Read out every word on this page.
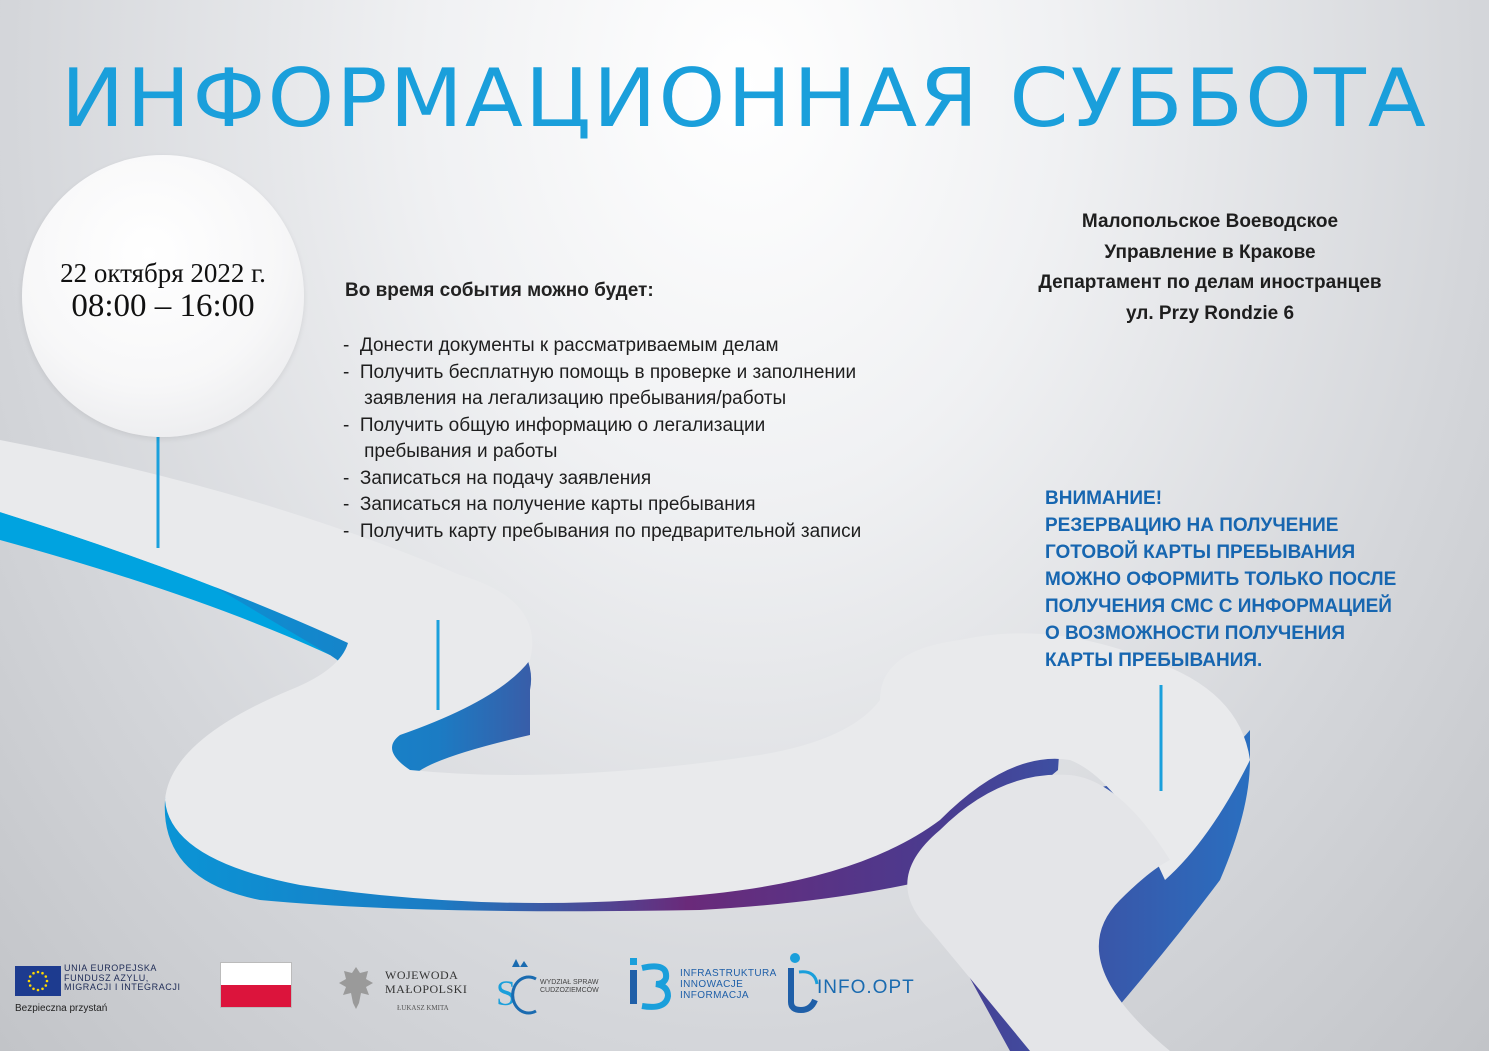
ИНФОРМАЦИОННАЯ СУББОТА
22 октября 2022 г.
08:00 – 16:00	Во время события можно будет:
-  Донести документы к рассматриваемым делам
-  Получить бесплатную помощь в проверке и заполнении
заявления на легализацию пребывания/работы
-  Получить общую информацию о легализации
пребывания и работы
-  Записаться на подачу заявления
-  Записаться на получение карты пребывания
-  Получить карту пребывания по предварительной записи
Малопольское Воеводское
Управление в Кракове
Департамент по делам иностранцев
ул. Przy Rondzie 6
ВНИМАНИЕ!
РЕЗЕРВАЦИЮ НА ПОЛУЧЕНИЕ
ГОТОВОЙ КАРТЫ ПРЕБЫВАНИЯ
МОЖНО ОФОРМИТЬ ТОЛЬКО ПОСЛЕ
ПОЛУЧЕНИЯ СМС С ИНФОРМАЦИЕЙ
О ВОЗМОЖНОСТИ ПОЛУЧЕНИЯ
КАРТЫ ПРЕБЫВАНИЯ.
UNIA EUROPEJSKA
FUNDUSZ AZYLU,
MIGRACJI I INTEGRACJI
Bezpieczna przystań
WOJEWODA
MAŁOPOLSKI
ŁUKASZ KMITA S	WYDZIAŁ SPRAW
CUDZOZIEMCÓW
INFRASTRUKTURA
INNOWACJE
INFORMACJA	INFO.OPT
